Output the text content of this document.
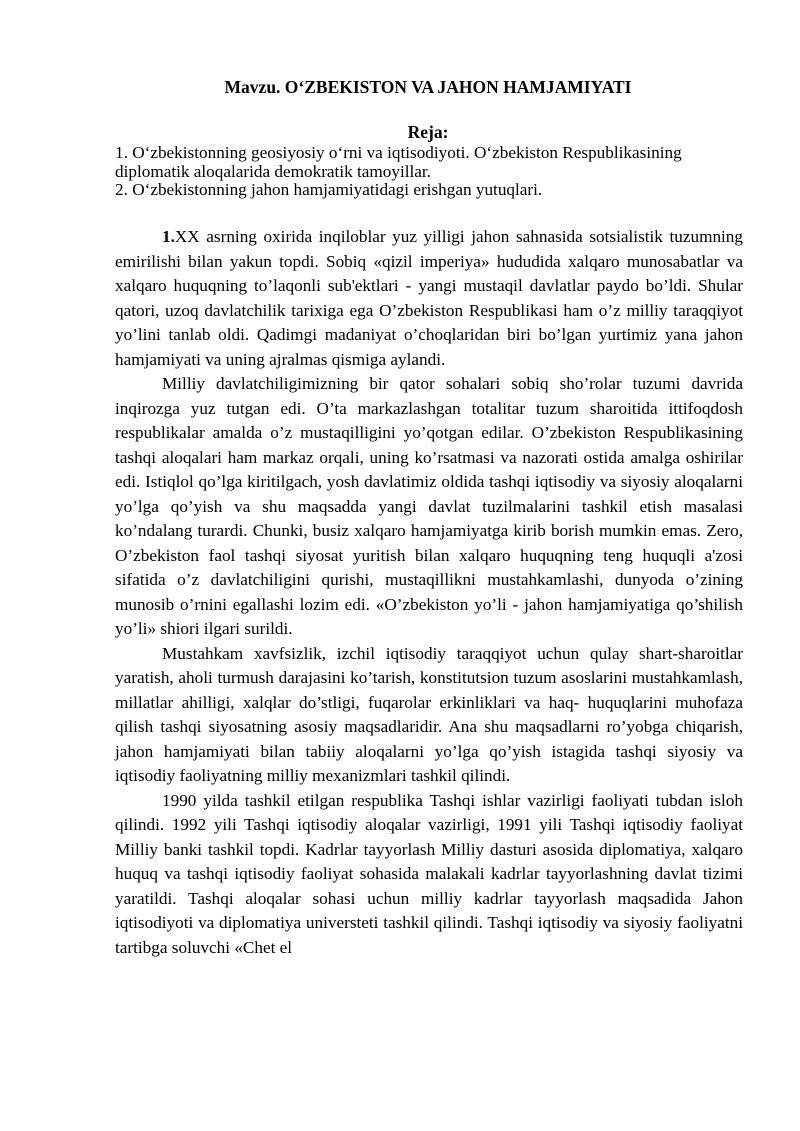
Mavzu. O‘ZBEKISTON VA JAHON HAMJAMIYATI
Reja:

1. O‘zbekistonning geosiyosiy o‘rni va iqtisodiyoti. O‘zbekiston Respublikasining diplomatik aloqalarida demokratik tamoyillar.

2. O‘zbekistonning jahon hamjamiyatidagi erishgan yutuqlari.

1.XX asrning oxirida inqiloblar yuz yilligi jahon sahnasida sotsialistik tuzumning emirilishi bilan yakun topdi. Sobiq «qizil imperiya» hududida xalqaro munosabatlar va xalqaro huquqning to’laqonli sub'ektlari - yangi mustaqil davlatlar paydo bo’ldi. Shular qatori, uzoq davlatchilik tarixiga ega O’zbekiston Respublikasi ham o’z milliy taraqqiyot yo’lini tanlab oldi. Qadimgi madaniyat o’choqlaridan biri bo’lgan yurtimiz yana jahon hamjamiyati va uning ajralmas qismiga aylandi.

Milliy davlatchiligimizning bir qator sohalari sobiq sho’rolar tuzumi davrida inqirozga yuz tutgan edi. O’ta markazlashgan totalitar tuzum sharoitida ittifoqdosh respublikalar amalda o’z mustaqilligini yo’qotgan edilar. O’zbekiston Respublikasining tashqi aloqalari ham markaz orqali, uning ko’rsatmasi va nazorati ostida amalga oshirilar edi. Istiqlol qo’lga kiritilgach, yosh davlatimiz oldida tashqi iqtisodiy va siyosiy aloqalarni yo’lga qo’yish va shu maqsadda yangi davlat tuzilmalarini tashkil etish masalasi ko’ndalang turardi. Chunki, busiz xalqaro hamjamiyatga kirib borish mumkin emas. Zero, O’zbekiston faol tashqi siyosat yuritish bilan xalqaro huquqning teng huquqli a'zosi sifatida o’z davlatchiligini qurishi, mustaqillikni mustahkamlashi, dunyoda o’zining munosib o’rnini egallashi lozim edi. «O’zbekiston yo’li - jahon hamjamiyatiga qo’shilish yo’li» shiori ilgari surildi.

Mustahkam xavfsizlik, izchil iqtisodiy taraqqiyot uchun qulay shart-sharoitlar yaratish, aholi turmush darajasini ko’tarish, konstitutsion tuzum asoslarini mustahkamlash, millatlar ahilligi, xalqlar do’stligi, fuqarolar erkinliklari va haq- huquqlarini muhofaza qilish tashqi siyosatning asosiy maqsadlaridir. Ana shu maqsadlarni ro’yobga chiqarish, jahon hamjamiyati bilan tabiiy aloqalarni yo’lga qo’yish istagida tashqi siyosiy va iqtisodiy faoliyatning milliy mexanizmlari tashkil qilindi.

1990 yilda tashkil etilgan respublika Tashqi ishlar vazirligi faoliyati tubdan isloh qilindi. 1992 yili Tashqi iqtisodiy aloqalar vazirligi, 1991 yili Tashqi iqtisodiy faoliyat Milliy banki tashkil topdi. Kadrlar tayyorlash Milliy dasturi asosida diplomatiya, xalqaro huquq va tashqi iqtisodiy faoliyat sohasida malakali kadrlar tayyorlashning davlat tizimi yaratildi. Tashqi aloqalar sohasi uchun milliy kadrlar tayyorlash maqsadida Jahon iqtisodiyoti va diplomatiya universteti tashkil qilindi. Tashqi iqtisodiy va siyosiy faoliyatni tartibga soluvchi «Chet el
